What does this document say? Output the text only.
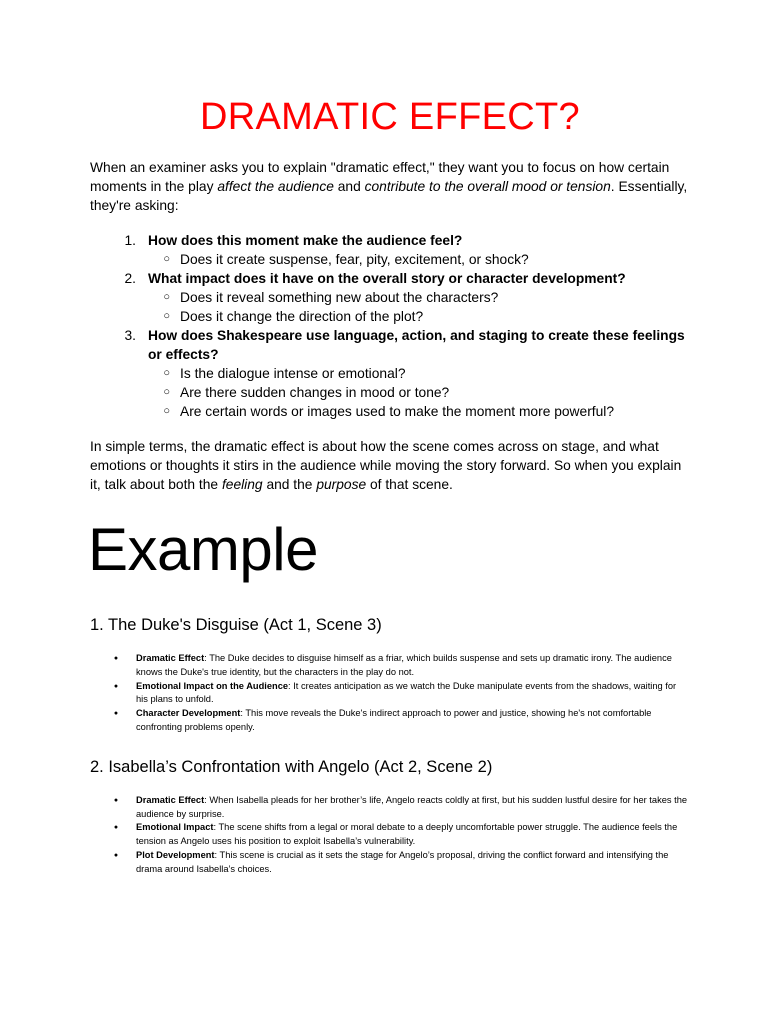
DRAMATIC EFFECT?

When an examiner asks you to explain "dramatic effect," they want you to focus on how certain moments in the play affect the audience and contribute to the overall mood or tension. Essentially, they're asking:

1. How does this moment make the audience feel?
○ Does it create suspense, fear, pity, excitement, or shock?
2. What impact does it have on the overall story or character development?
○ Does it reveal something new about the characters?
○ Does it change the direction of the plot?
3. How does Shakespeare use language, action, and staging to create these feelings or effects?
○ Is the dialogue intense or emotional?
○ Are there sudden changes in mood or tone?
○ Are certain words or images used to make the moment more powerful?

In simple terms, the dramatic effect is about how the scene comes across on stage, and what emotions or thoughts it stirs in the audience while moving the story forward. So when you explain it, talk about both the feeling and the purpose of that scene.

Example
1. The Duke's Disguise (Act 1, Scene 3)
●	Dramatic Effect: The Duke decides to disguise himself as a friar, which builds suspense and sets up dramatic irony. The audience knows the Duke's true identity, but the characters in the play do not.
●	Emotional Impact on the Audience: It creates anticipation as we watch the Duke manipulate events from the shadows, waiting for his plans to unfold.
●	Character Development: This move reveals the Duke's indirect approach to power and justice, showing he's not comfortable confronting problems openly.
2. Isabella’s Confrontation with Angelo (Act 2, Scene 2)
●	Dramatic Effect: When Isabella pleads for her brother’s life, Angelo reacts coldly at first, but his sudden lustful desire for her takes the audience by surprise.
●	Emotional Impact: The scene shifts from a legal or moral debate to a deeply uncomfortable power struggle. The audience feels the tension as Angelo uses his position to exploit Isabella’s vulnerability.
●	Plot Development: This scene is crucial as it sets the stage for Angelo’s proposal, driving the conflict forward and intensifying the drama around Isabella’s choices.
